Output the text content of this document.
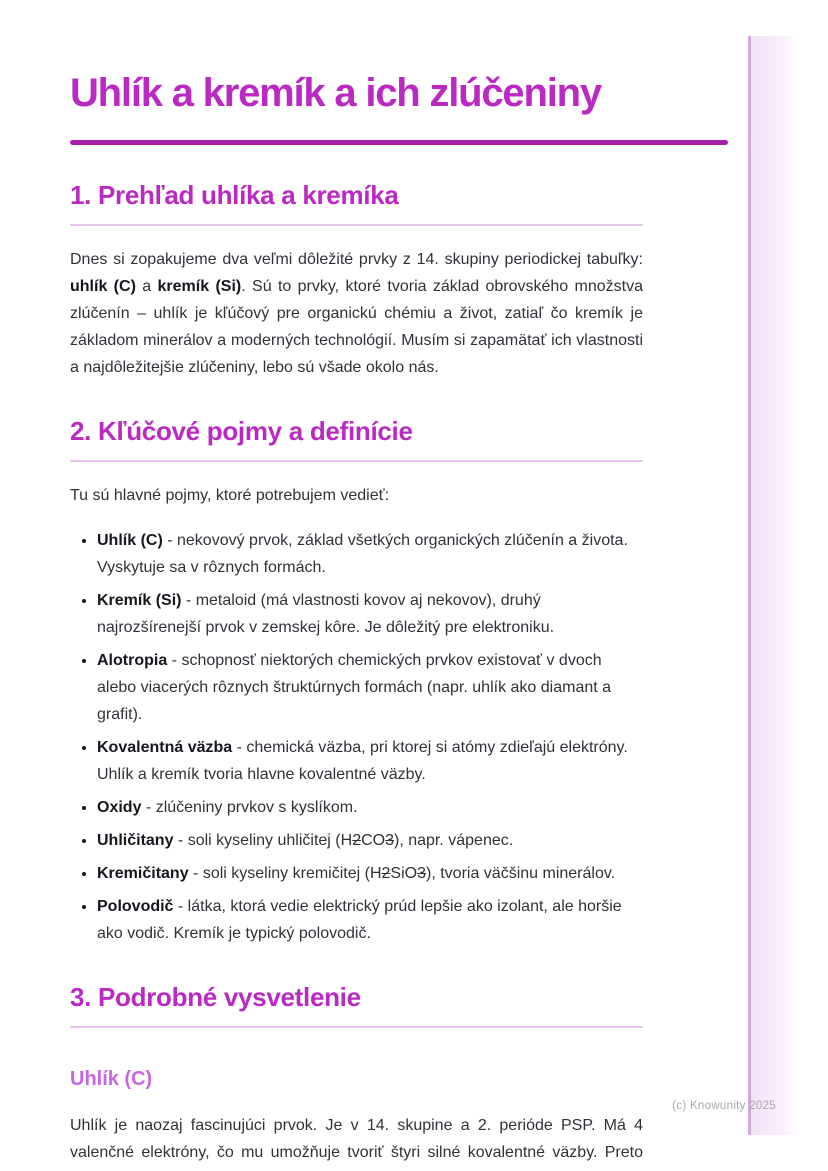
(c) Knowunity 2025
Uhlík a kremík a ich zlúčeniny
1. Prehľad uhlíka a kremíka

Dnes si zopakujeme dva veľmi dôležité prvky z 14. skupiny periodickej tabuľky: uhlík (C) a kremík (Si). Sú to prvky, ktoré tvoria základ obrovského množstva zlúčenín – uhlík je kľúčový pre organickú chémiu a život, zatiaľ čo kremík je základom minerálov a moderných technológií. Musím si zapamätať ich vlastnosti a najdôležitejšie zlúčeniny, lebo sú všade okolo nás.

2. Kľúčové pojmy a definície

Tu sú hlavné pojmy, ktoré potrebujem vedieť:

• Uhlík (C) - nekovový prvok, základ všetkých organických zlúčenín a života. Vyskytuje sa v rôznych formách.
• Kremík (Si) - metaloid (má vlastnosti kovov aj nekovov), druhý najrozšírenejší prvok v zemskej kôre. Je dôležitý pre elektroniku.
• Alotropia - schopnosť niektorých chemických prvkov existovať v dvoch alebo viacerých rôznych štruktúrnych formách (napr. uhlík ako diamant a grafit).
• Kovalentná väzba - chemická väzba, pri ktorej si atómy zdieľajú elektróny. Uhlík a kremík tvoria hlavne kovalentné väzby.
• Oxidy - zlúčeniny prvkov s kyslíkom.
• Uhličitany - soli kyseliny uhličitej (H2CO3), napr. vápenec.
• Kremičitany - soli kyseliny kremičitej (H2SiO3), tvoria väčšinu minerálov.
• Polovodič - látka, ktorá vedie elektrický prúd lepšie ako izolant, ale horšie ako vodič. Kremík je typický polovodič.
3. Podrobné vysvetlenie
Uhlík (C)

Uhlík je naozaj fascinujúci prvok. Je v 14. skupine a 2. perióde PSP. Má 4 valenčné elektróny, čo mu umožňuje tvoriť štyri silné kovalentné väzby. Preto
